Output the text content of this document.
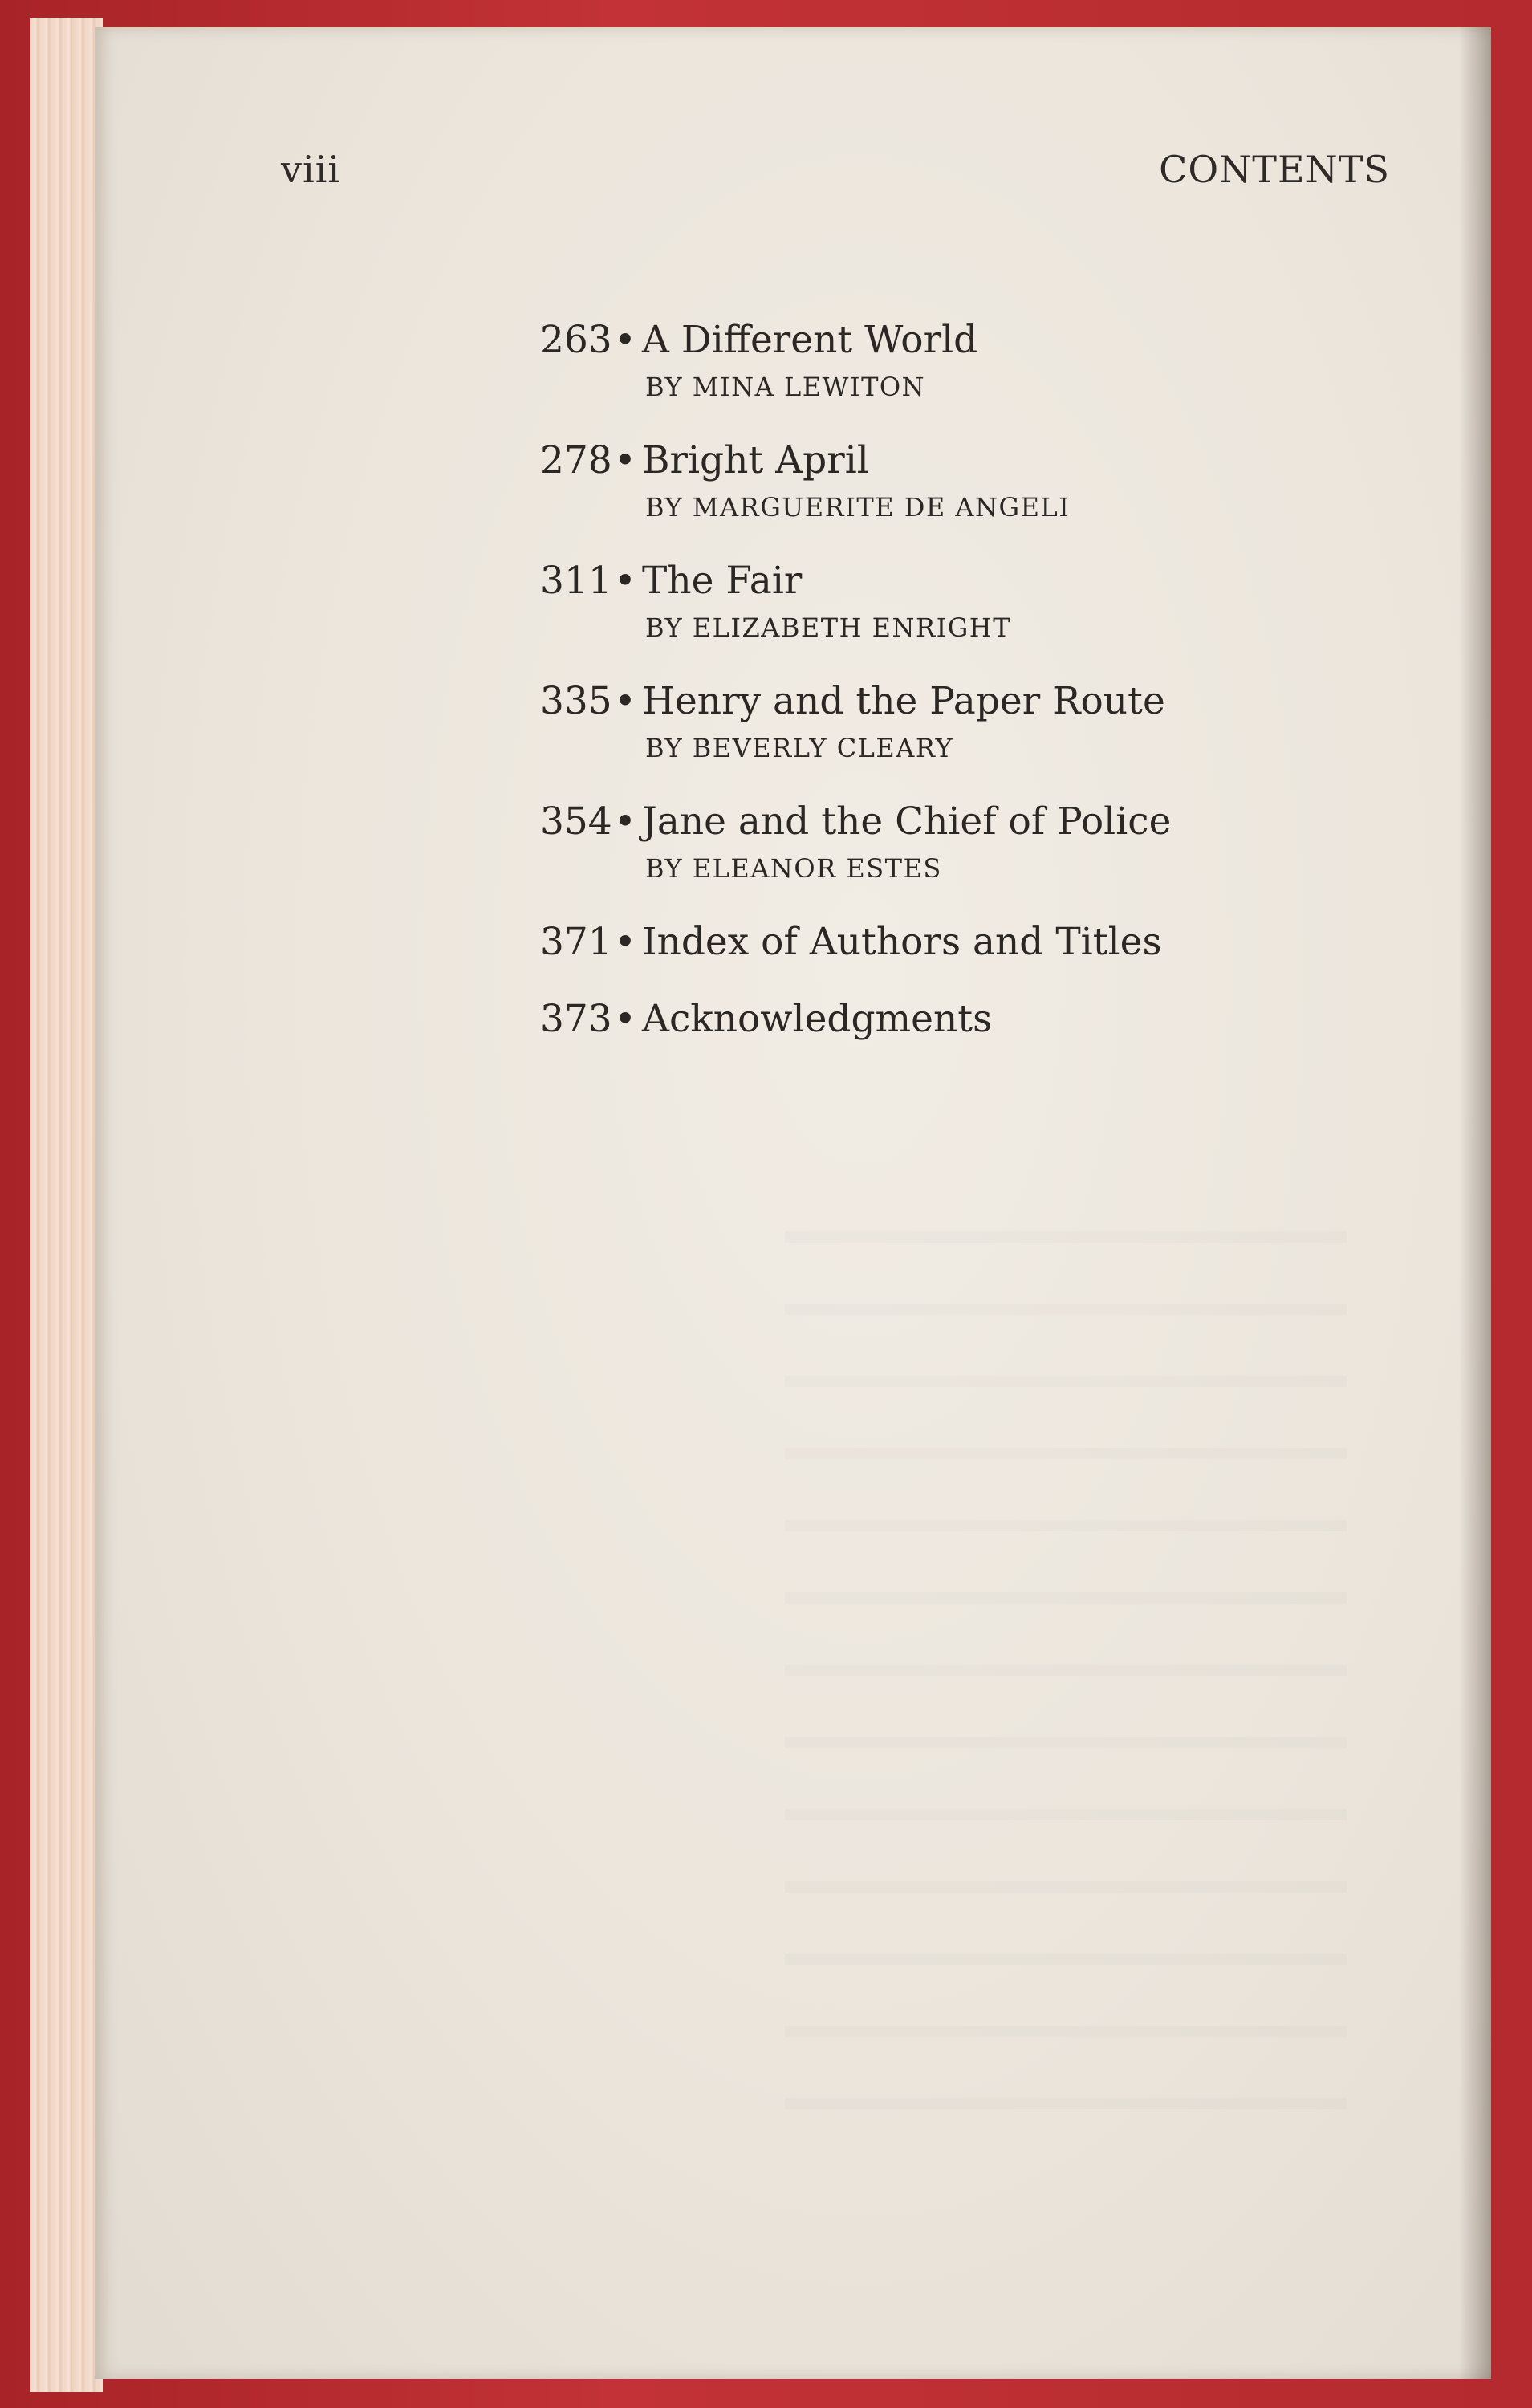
viii	CONTENTS
263• A Different World
BY MINA LEWITON
278• Bright April
BY MARGUERITE DE ANGELI
311• The Fair
BY ELIZABETH ENRIGHT
335• Henry and the Paper Route
BY BEVERLY CLEARY
354• Jane and the Chief of Police
BY ELEANOR ESTES
371• Index of Authors and Titles
373• Acknowledgments
